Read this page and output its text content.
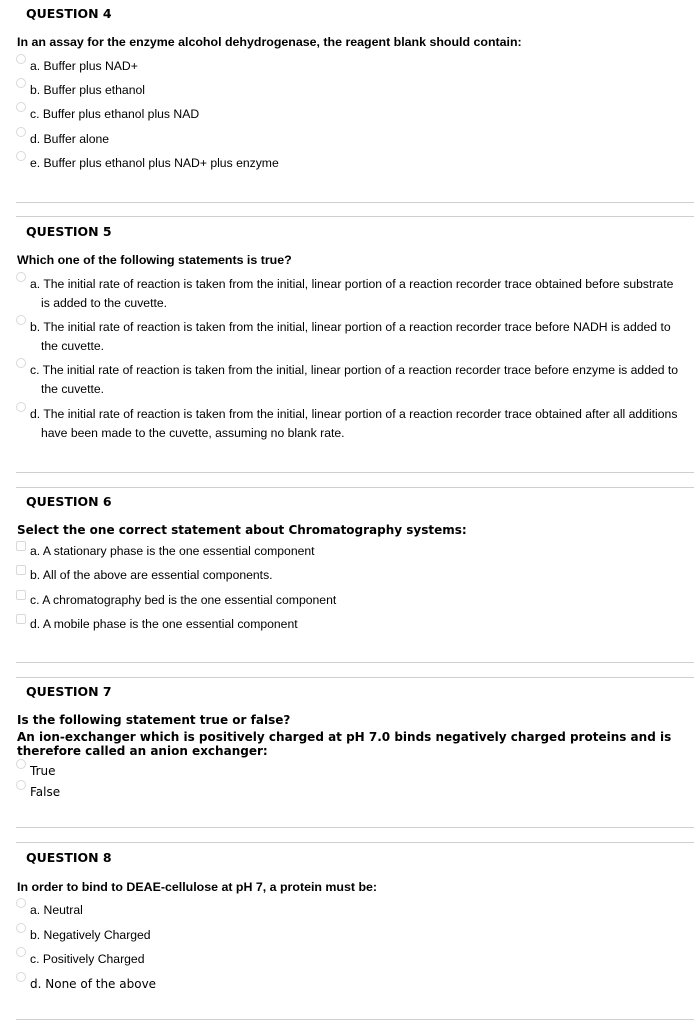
QUESTION 4
In an assay for the enzyme alcohol dehydrogenase, the reagent blank should contain:
a. Buffer plus NAD+
b. Buffer plus ethanol
c. Buffer plus ethanol plus NAD
d. Buffer alone
e. Buffer plus ethanol plus NAD+ plus enzyme
QUESTION 5
Which one of the following statements is true?
a. The initial rate of reaction is taken from the initial, linear portion of a reaction recorder trace obtained before substrate is added to the cuvette.
b. The initial rate of reaction is taken from the initial, linear portion of a reaction recorder trace before NADH is added to the cuvette.
c. The initial rate of reaction is taken from the initial, linear portion of a reaction recorder trace before enzyme is added to the cuvette.
d. The initial rate of reaction is taken from the initial, linear portion of a reaction recorder trace obtained after all additions have been made to the cuvette, assuming no blank rate.
QUESTION 6
Select the one correct statement about Chromatography systems:
a. A stationary phase is the one essential component
b. All of the above are essential components.
c. A chromatography bed is the one essential component
d. A mobile phase is the one essential component
QUESTION 7
Is the following statement true or false?
An ion-exchanger which is positively charged at pH 7.0 binds negatively charged proteins and is therefore called an anion exchanger:
True
False
QUESTION 8
In order to bind to DEAE-cellulose at pH 7, a protein must be:
a. Neutral
b. Negatively Charged
c. Positively Charged
d. None of the above
